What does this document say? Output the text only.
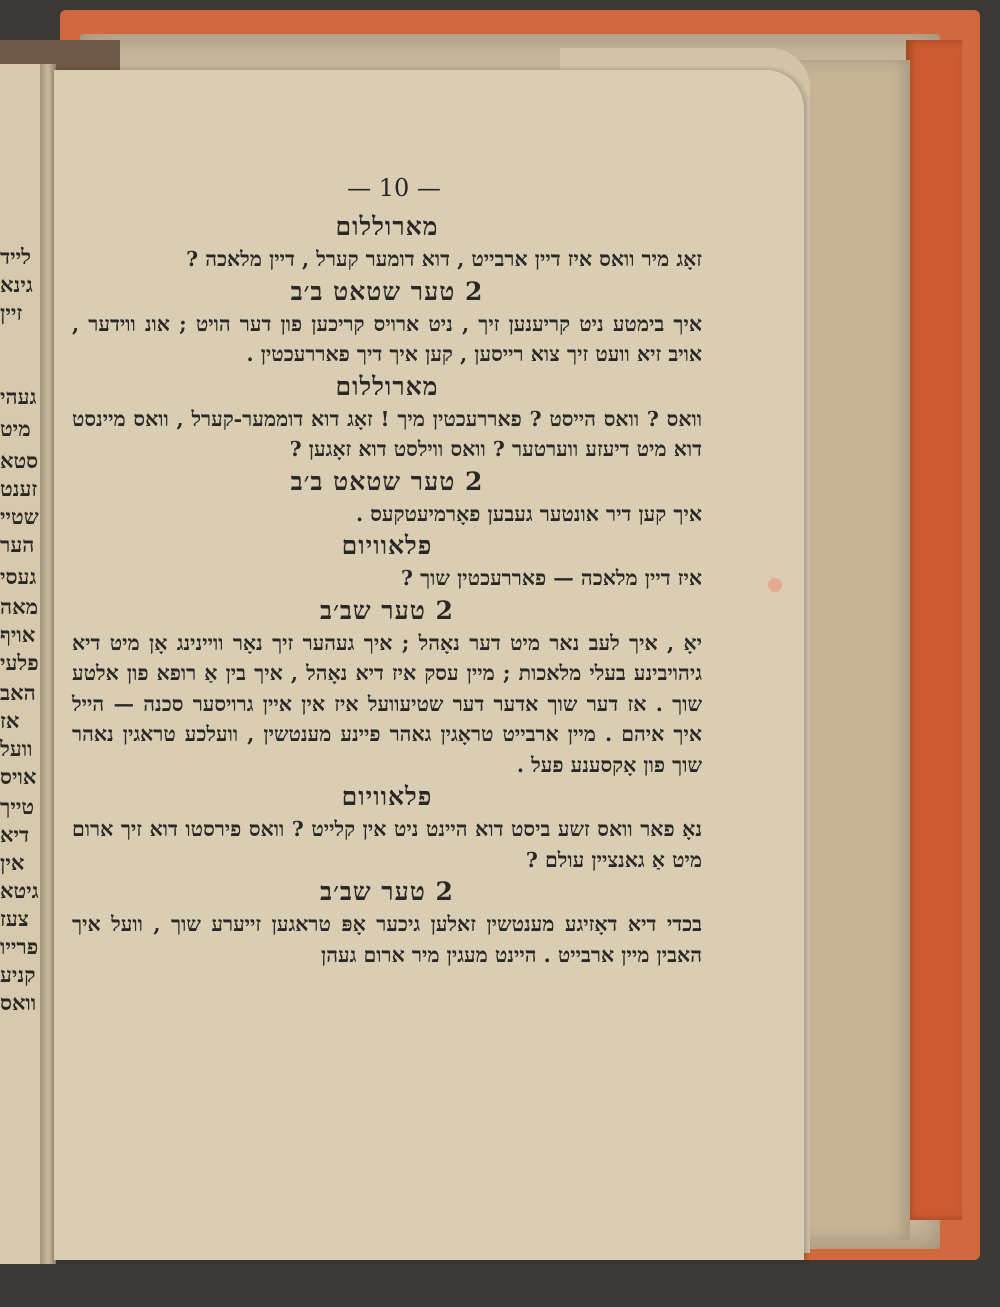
לייד
גינא
זיין
געהי
מיט
סטא
זענט
שטיי
הער
געסי
מאה
אויף
פלעי
האב
אז
וועל
אויס
טייך
דיא
אין
גיטא
צעז
פרייו
קניע
וואס
— 10 —

מארוללום

זאָג מיר וואס איז דיין ארבייט , דוא דומער קערל , דיין מלאכה ?

2 טער שטאט ב׳ב

איך בימטע ניט קריענען זיך , ניט ארויס קריכען פון דער הויט ; אונ ווידער , אויב זיא וועט זיך צוא רייסען , קען איך דיך פאררעכטין .

מארוללום

וואס ? וואס הייסט ? פאררעכטין מיך ! זאָג דוא דוממער-קערל , וואס מיינסט דוא מיט דיעזע ווערטער ? וואס ווילסט דוא זאָגען ?

2 טער שטאט ב׳ב

איך קען דיר אונטער געבען פאָרמיעטקעס .

פלאוויום

איז דיין מלאכה — פאררעכטין שוך ?

2 טער שב׳ב

יאָ , איך לעב נאר מיט דער נאָהל ; איך געהער זיך נאָר וויינינג אָן מיט דיא גיהויבינע בעלי מלאכות ; מיין עסק איז דיא נאָהל , איך בין אַ רופא פון אלטע שוך . אז דער שוך אדער דער שטיעוועל איז אין איין גרויסער סכנה — הייל איך איהם . מיין ארבייט טראָגין גאהר פיינע מענטשין , וועלכע טראגין נאהר שוך פון אָקסענע פעל .

פלאוויום

נאָ פאר וואס זשע ביסט דוא היינט ניט אין קלייט ? וואס פירסטו דוא זיך ארום מיט אַ גאנציין עולם ?

2 טער שב׳ב

בכדי דיא דאָזיגע מענטשין זאלען גיכער אָפּ טראגען זייערע שוך , וועל איך האבין מיין ארבייט . היינט מעגין מיר ארום געהן
